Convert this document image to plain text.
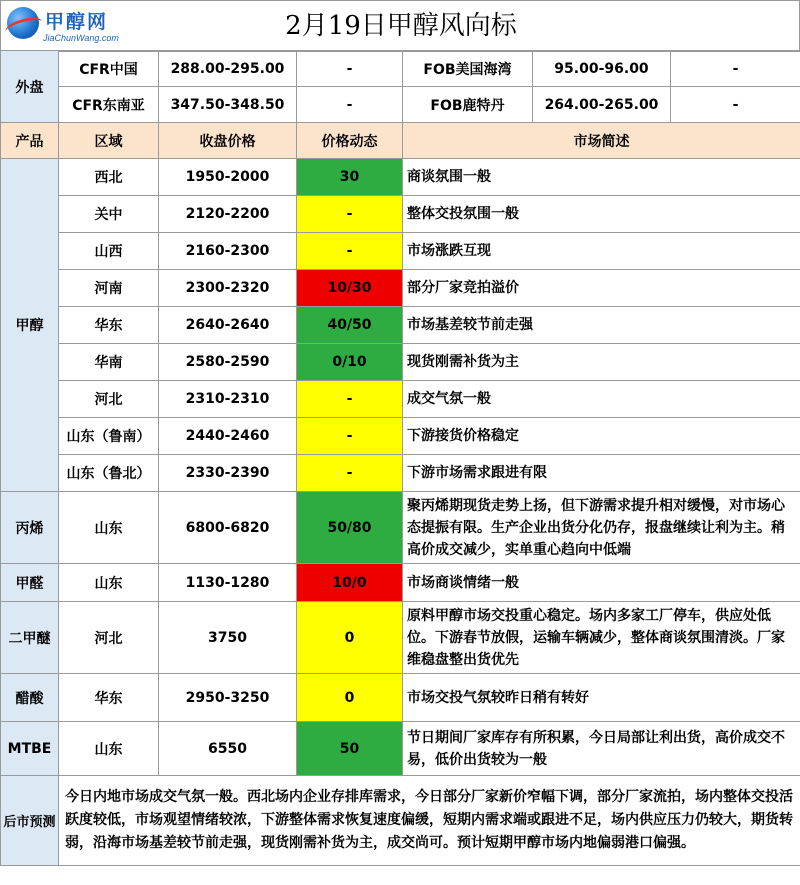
甲醇网
JiaChunWang.com	2月19日甲醇风向标
外盘	CFR中国	288.00-295.00	-	FOB美国海湾	95.00-96.00	-
	CFR东南亚	347.50-348.50	-	FOB鹿特丹	264.00-265.00	-
产品	区域	收盘价格	价格动态	市场简述		
甲醇	西北	1950-2000	30	商谈氛围一般		
	关中	2120-2200	-	整体交投氛围一般		
	山西	2160-2300	-	市场涨跌互现		
	河南	2300-2320	10/30	部分厂家竞拍溢价		
	华东	2640-2640	40/50	市场基差较节前走强		
	华南	2580-2590	0/10	现货刚需补货为主		
	河北	2310-2310	-	成交气氛一般		
	山东（鲁南）	2440-2460	-	下游接货价格稳定		
	山东（鲁北）	2330-2390	-	下游市场需求跟进有限		
丙烯	山东	6800-6820	50/80	聚丙烯期现货走势上扬，但下游需求提升相对缓慢，对市场心态提振有限。生产企业出货分化仍存，报盘继续让利为主。稍高价成交减少，实单重心趋向中低端		
甲醛	山东	1130-1280	10/0	市场商谈情绪一般		
二甲醚	河北	3750	0	原料甲醇市场交投重心稳定。场内多家工厂停车，供应处低位。下游春节放假，运输车辆减少，整体商谈氛围清淡。厂家维稳盘整出货优先		
醋酸	华东	2950-3250	0	市场交投气氛较昨日稍有转好		
MTBE	山东	6550	50	节日期间厂家库存有所积累，今日局部让利出货，高价成交不易，低价出货较为一般		
后市预测	今日内地市场成交气氛一般。西北场内企业存排库需求，今日部分厂家新价窄幅下调，部分厂家流拍，场内整体交投活跃度较低，市场观望情绪较浓，下游整体需求恢复速度偏缓，短期内需求端或跟进不足，场内供应压力仍较大，期货转弱，沿海市场基差较节前走强，现货刚需补货为主，成交尚可。预计短期甲醇市场内地偏弱港口偏强。					
